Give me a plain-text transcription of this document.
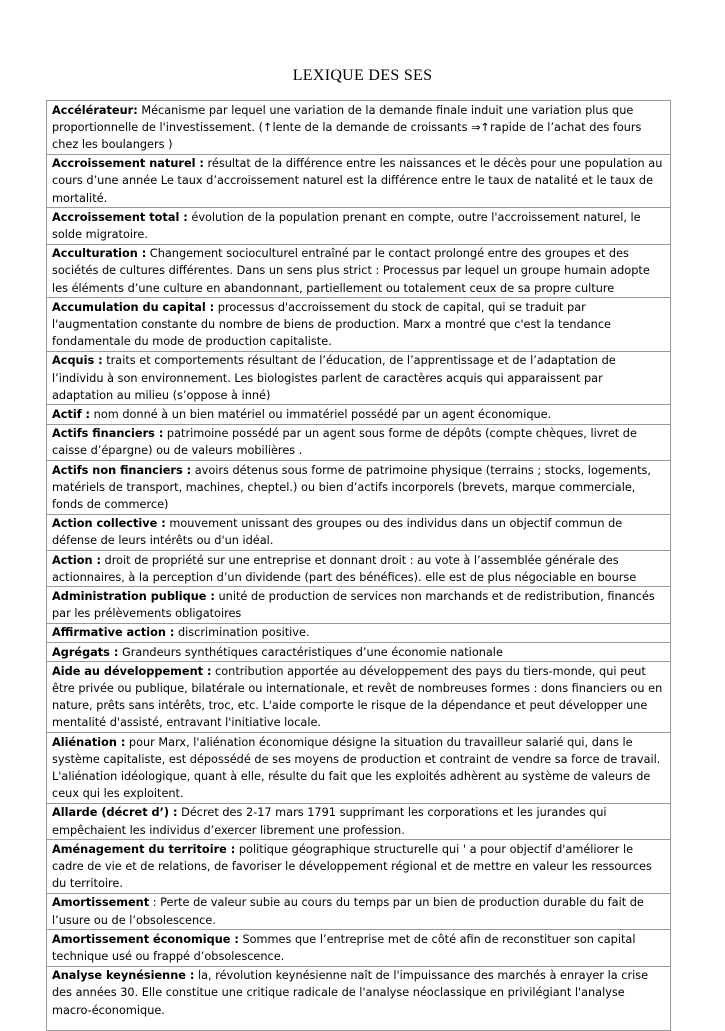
LEXIQUE DES SES
Accélérateur: Mécanisme par lequel une variation de la demande finale induit une variation plus que proportionnelle de l'investissement. (↑lente de la demande de croissants ⇒↑rapide de l’achat des fours chez les boulangers )
Accroissement naturel : résultat de la différence entre les naissances et le décès pour une population au cours d’une année Le taux d’accroissement naturel est la différence entre le taux de natalité et le taux de mortalité.
Accroissement total : évolution de la population prenant en compte, outre l'accroissement naturel, le solde migratoire.
Acculturation : Changement socioculturel entraîné par le contact prolongé entre des groupes et des sociétés de cultures différentes. Dans un sens plus strict : Processus par lequel un groupe humain adopte les éléments d’une culture en abandonnant, partiellement ou totalement ceux de sa propre culture
Accumulation du capital : processus d'accroissement du stock de capital, qui se traduit par l'augmentation constante du nombre de biens de production. Marx a montré que c'est la tendance fondamentale du mode de production capitaliste.
Acquis : traits et comportements résultant de l’éducation, de l’apprentissage et de l’adaptation de l’individu à son environnement. Les biologistes parlent de caractères acquis qui apparaissent par adaptation au milieu (s’oppose à inné)
Actif : nom donné à un bien matériel ou immatériel possédé par un agent économique.
Actifs financiers : patrimoine possédé par un agent sous forme de dépôts (compte chèques, livret de caisse d’épargne) ou de valeurs mobilières .
Actifs non financiers : avoirs détenus sous forme de patrimoine physique (terrains ; stocks, logements, matériels de transport, machines, cheptel.) ou bien d’actifs incorporels (brevets, marque commerciale, fonds de commerce)
Action collective : mouvement unissant des groupes ou des individus dans un objectif commun de défense de leurs intérêts ou d'un idéal.
Action : droit de propriété sur une entreprise et donnant droit : au vote à l’assemblée générale des actionnaires, à la perception d’un dividende (part des bénéfices). elle est de plus négociable en bourse
Administration publique : unité de production de services non marchands et de redistribution, financés par les prélèvements obligatoires
Affirmative action : discrimination positive.
Agrégats : Grandeurs synthétiques caractéristiques d’une économie nationale
Aide au développement : contribution apportée au développement des pays du tiers-monde, qui peut être privée ou publique, bilatérale ou internationale, et revêt de nombreuses formes : dons financiers ou en nature, prêts sans intérêts, troc, etc. L'aide comporte le risque de la dépendance et peut développer une mentalité d'assisté, entravant l'initiative locale.
Aliénation : pour Marx, l'aliénation économique désigne la situation du travailleur salarié qui, dans le système capitaliste, est dépossédé de ses moyens de production et contraint de vendre sa force de travail. L'aliénation idéologique, quant à elle, résulte du fait que les exploités adhèrent au système de valeurs de ceux qui les exploitent.
Allarde (décret d’) : Décret des 2-17 mars 1791 supprimant les corporations et les jurandes qui empêchaient les individus d’exercer librement une profession.
Aménagement du territoire : politique géographique structurelle qui ' a pour objectif d'améliorer le cadre de vie et de relations, de favoriser le développement régional et de mettre en valeur les ressources du territoire.
Amortissement : Perte de valeur subie au cours du temps par un bien de production durable du fait de l’usure ou de l’obsolescence.
Amortissement économique : Sommes que l’entreprise met de côté afin de reconstituer son capital technique usé ou frappé d’obsolescence.

Analyse keynésienne : la, révolution keynésienne naît de l'impuissance des marchés à enrayer la crise des années 30. Elle constitue une critique radicale de l'analyse néoclassique en privilégiant l'analyse macro-économique.
